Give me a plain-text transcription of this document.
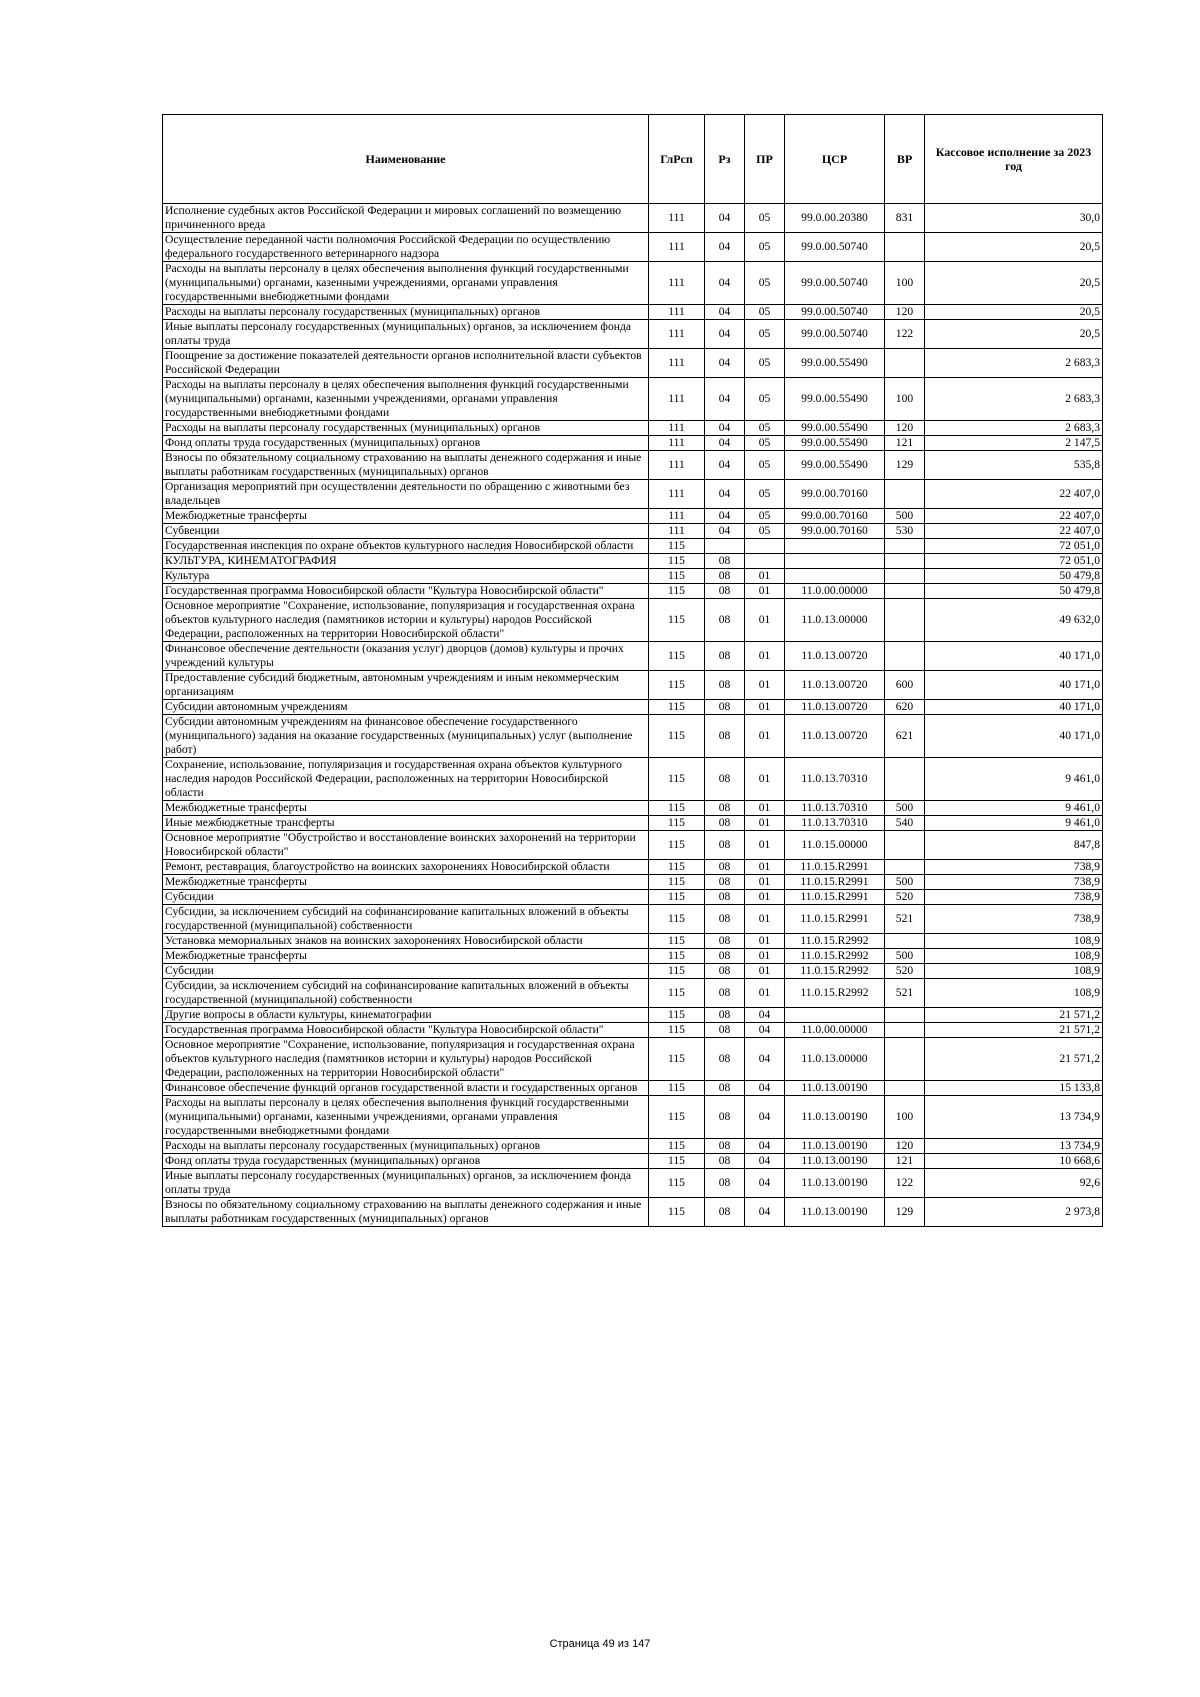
Наименование	ГлРсп	Рз	ПР	ЦСР	ВР	Кассовое исполнение за 2023 год
Исполнение судебных актов Российской Федерации и мировых соглашений по возмещению причиненного вреда	111	04	05	99.0.00.20380	831	30,0
Осуществление переданной части полномочия Российской Федерации по осуществлению федерального государственного ветеринарного надзора	111	04	05	99.0.00.50740		20,5
Расходы на выплаты персоналу в целях обеспечения выполнения функций государственными (муниципальными) органами, казенными учреждениями, органами управления государственными внебюджетными фондами	111	04	05	99.0.00.50740	100	20,5
Расходы на выплаты персоналу государственных (муниципальных) органов	111	04	05	99.0.00.50740	120	20,5
Иные выплаты персоналу государственных (муниципальных) органов, за исключением фонда оплаты труда	111	04	05	99.0.00.50740	122	20,5
Поощрение за достижение показателей деятельности органов исполнительной власти субъектов Российской Федерации	111	04	05	99.0.00.55490		2 683,3
Расходы на выплаты персоналу в целях обеспечения выполнения функций государственными (муниципальными) органами, казенными учреждениями, органами управления государственными внебюджетными фондами	111	04	05	99.0.00.55490	100	2 683,3
Расходы на выплаты персоналу государственных (муниципальных) органов	111	04	05	99.0.00.55490	120	2 683,3
Фонд оплаты труда государственных (муниципальных) органов	111	04	05	99.0.00.55490	121	2 147,5
Взносы по обязательному социальному страхованию на выплаты денежного содержания и иные выплаты работникам государственных (муниципальных) органов	111	04	05	99.0.00.55490	129	535,8
Организация мероприятий при осуществлении деятельности по обращению с животными без владельцев	111	04	05	99.0.00.70160		22 407,0
Межбюджетные трансферты	111	04	05	99.0.00.70160	500	22 407,0
Субвенции	111	04	05	99.0.00.70160	530	22 407,0
Государственная инспекция по охране объектов культурного наследия Новосибирской области	115					72 051,0
КУЛЬТУРА, КИНЕМАТОГРАФИЯ	115	08				72 051,0
Культура	115	08	01			50 479,8
Государственная программа Новосибирской области "Культура Новосибирской области"	115	08	01	11.0.00.00000		50 479,8
Основное мероприятие "Сохранение, использование, популяризация и государственная охрана объектов культурного наследия (памятников истории и культуры) народов Российской Федерации, расположенных на территории Новосибирской области"	115	08	01	11.0.13.00000		49 632,0
Финансовое обеспечение деятельности (оказания услуг) дворцов (домов) культуры и прочих учреждений культуры	115	08	01	11.0.13.00720		40 171,0
Предоставление субсидий бюджетным, автономным учреждениям и иным некоммерческим организациям	115	08	01	11.0.13.00720	600	40 171,0
Субсидии автономным учреждениям	115	08	01	11.0.13.00720	620	40 171,0
Субсидии автономным учреждениям на финансовое обеспечение государственного (муниципального) задания на оказание государственных (муниципальных) услуг (выполнение работ)	115	08	01	11.0.13.00720	621	40 171,0
Сохранение, использование, популяризация и государственная охрана объектов культурного наследия народов Российской Федерации, расположенных на территории Новосибирской области	115	08	01	11.0.13.70310		9 461,0
Межбюджетные трансферты	115	08	01	11.0.13.70310	500	9 461,0
Иные межбюджетные трансферты	115	08	01	11.0.13.70310	540	9 461,0
Основное мероприятие "Обустройство и восстановление воинских захоронений на территории Новосибирской области"	115	08	01	11.0.15.00000		847,8
Ремонт, реставрация, благоустройство на воинских захоронениях Новосибирской области	115	08	01	11.0.15.R2991		738,9
Межбюджетные трансферты	115	08	01	11.0.15.R2991	500	738,9
Субсидии	115	08	01	11.0.15.R2991	520	738,9
Субсидии, за исключением субсидий на софинансирование капитальных вложений в объекты государственной (муниципальной) собственности	115	08	01	11.0.15.R2991	521	738,9
Установка мемориальных знаков на воинских захоронениях Новосибирской области	115	08	01	11.0.15.R2992		108,9
Межбюджетные трансферты	115	08	01	11.0.15.R2992	500	108,9
Субсидии	115	08	01	11.0.15.R2992	520	108,9
Субсидии, за исключением субсидий на софинансирование капитальных вложений в объекты государственной (муниципальной) собственности	115	08	01	11.0.15.R2992	521	108,9
Другие вопросы в области культуры, кинематографии	115	08	04			21 571,2
Государственная программа Новосибирской области "Культура Новосибирской области"	115	08	04	11.0.00.00000		21 571,2
Основное мероприятие "Сохранение, использование, популяризация и государственная охрана объектов культурного наследия (памятников истории и культуры) народов Российской Федерации, расположенных на территории Новосибирской области"	115	08	04	11.0.13.00000		21 571,2
Финансовое обеспечение функций органов государственной власти и государственных органов	115	08	04	11.0.13.00190		15 133,8
Расходы на выплаты персоналу в целях обеспечения выполнения функций государственными (муниципальными) органами, казенными учреждениями, органами управления государственными внебюджетными фондами	115	08	04	11.0.13.00190	100	13 734,9
Расходы на выплаты персоналу государственных (муниципальных) органов	115	08	04	11.0.13.00190	120	13 734,9
Фонд оплаты труда государственных (муниципальных) органов	115	08	04	11.0.13.00190	121	10 668,6
Иные выплаты персоналу государственных (муниципальных) органов, за исключением фонда оплаты труда	115	08	04	11.0.13.00190	122	92,6
Взносы по обязательному социальному страхованию на выплаты денежного содержания и иные выплаты работникам государственных (муниципальных) органов	115	08	04	11.0.13.00190	129	2 973,8
Страница 49 из 147
